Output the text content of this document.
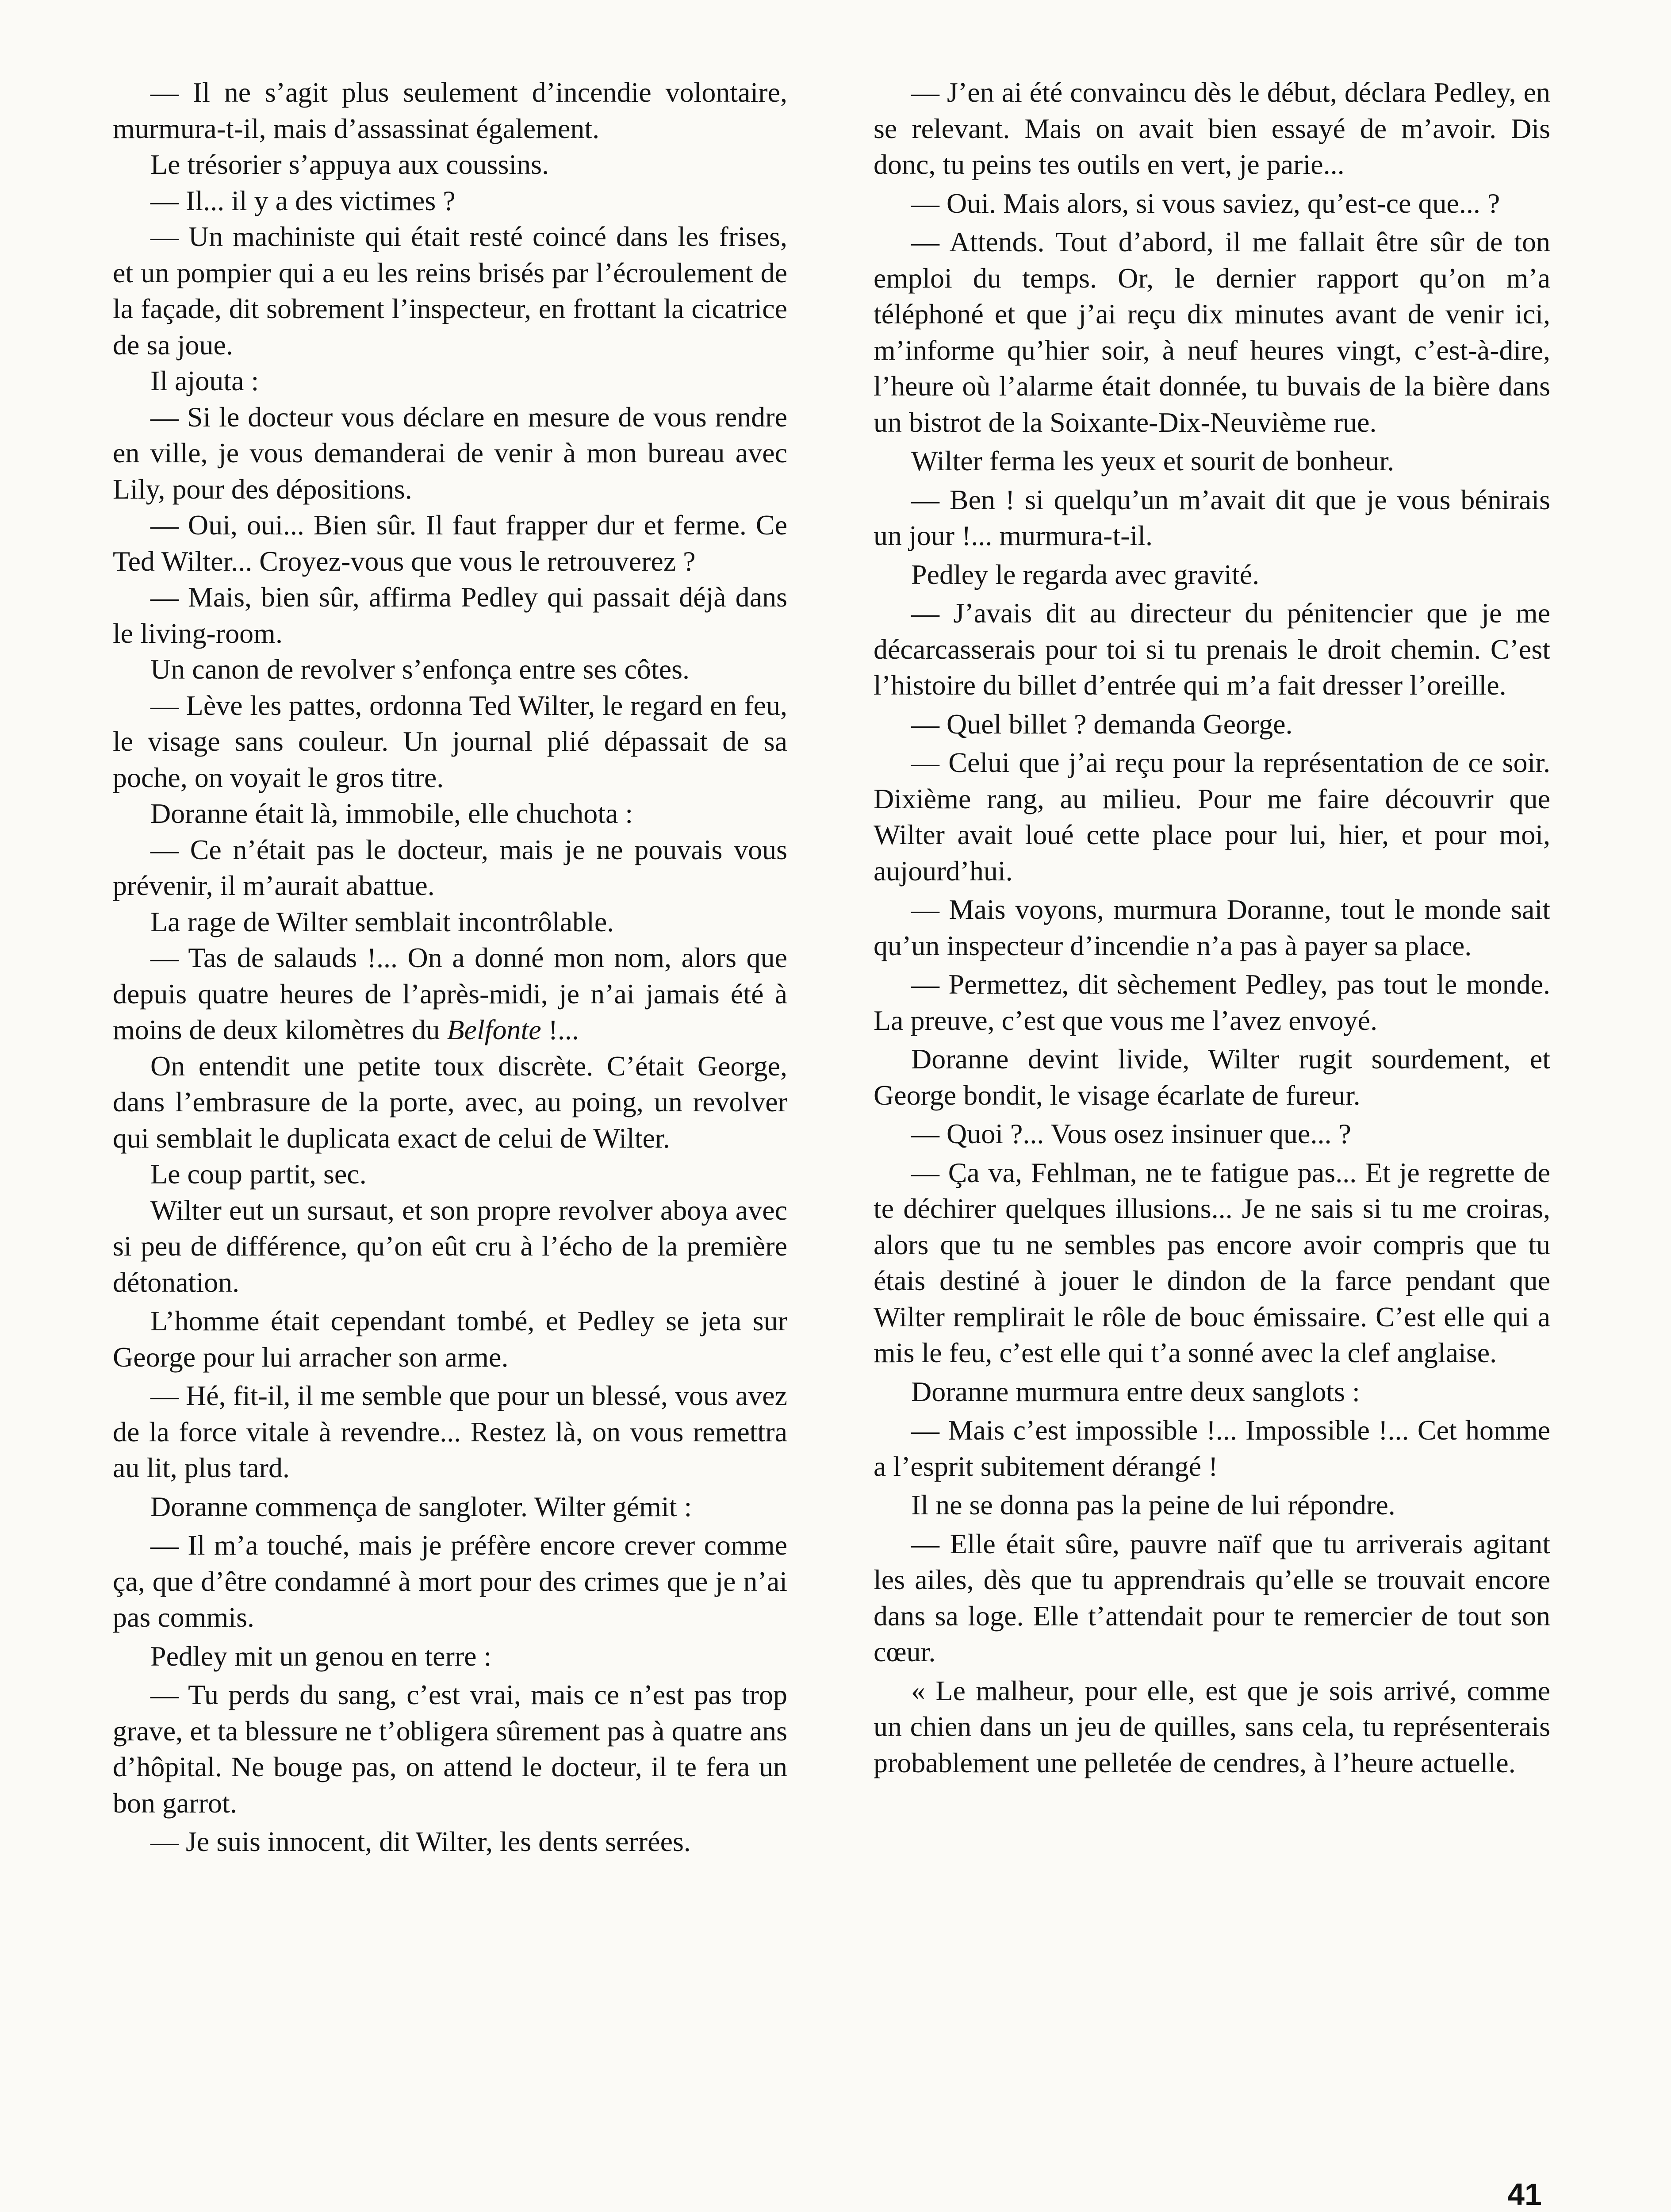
— Il ne s’agit plus seulement d’incendie volontaire, murmura-t-il, mais d’assassinat également.

Le trésorier s’appuya aux coussins.

— Il... il y a des victimes ?

— Un machiniste qui était resté coincé dans les frises, et un pompier qui a eu les reins brisés par l’écroulement de la façade, dit sobrement l’inspecteur, en frottant la cicatrice de sa joue.

Il ajouta :

— Si le docteur vous déclare en mesure de vous rendre en ville, je vous demanderai de venir à mon bureau avec Lily, pour des dépositions.

— Oui, oui... Bien sûr. Il faut frapper dur et ferme. Ce Ted Wilter... Croyez-vous que vous le retrouverez ?

— Mais, bien sûr, affirma Pedley qui passait déjà dans le living-room.

Un canon de revolver s’enfonça entre ses côtes.

— Lève les pattes, ordonna Ted Wilter, le regard en feu, le visage sans couleur. Un journal plié dépassait de sa poche, on voyait le gros titre.

Doranne était là, immobile, elle chuchota :

— Ce n’était pas le docteur, mais je ne pouvais vous prévenir, il m’aurait abattue.

La rage de Wilter semblait incontrôlable.

— Tas de salauds !... On a donné mon nom, alors que depuis quatre heures de l’après-midi, je n’ai jamais été à moins de deux kilomètres du Belfonte !...

On entendit une petite toux discrète. C’était George, dans l’embrasure de la porte, avec, au poing, un revolver qui semblait le duplicata exact de celui de Wilter.

Le coup partit, sec.

Wilter eut un sursaut, et son propre revolver aboya avec si peu de différence, qu’on eût cru à l’écho de la première détonation.

L’homme était cependant tombé, et Pedley se jeta sur George pour lui arracher son arme.

— Hé, fit-il, il me semble que pour un blessé, vous avez de la force vitale à revendre... Restez là, on vous remettra au lit, plus tard.

Doranne commença de sangloter. Wilter gémit :

— Il m’a touché, mais je préfère encore crever comme ça, que d’être condamné à mort pour des crimes que je n’ai pas commis.

Pedley mit un genou en terre :

— Tu perds du sang, c’est vrai, mais ce n’est pas trop grave, et ta blessure ne t’obligera sûrement pas à quatre ans d’hôpital. Ne bouge pas, on attend le docteur, il te fera un bon garrot.

— Je suis innocent, dit Wilter, les dents serrées.

— J’en ai été convaincu dès le début, déclara Pedley, en se relevant. Mais on avait bien essayé de m’avoir. Dis donc, tu peins tes outils en vert, je parie...

— Oui. Mais alors, si vous saviez, qu’est-ce que... ?

— Attends. Tout d’abord, il me fallait être sûr de ton emploi du temps. Or, le dernier rapport qu’on m’a téléphoné et que j’ai reçu dix minutes avant de venir ici, m’informe qu’hier soir, à neuf heures vingt, c’est-à-dire, l’heure où l’alarme était donnée, tu buvais de la bière dans un bistrot de la Soixante-Dix-Neuvième rue.

Wilter ferma les yeux et sourit de bonheur.

— Ben ! si quelqu’un m’avait dit que je vous bénirais un jour !... murmura-t-il.

Pedley le regarda avec gravité.

— J’avais dit au directeur du pénitencier que je me décarcasserais pour toi si tu prenais le droit chemin. C’est l’histoire du billet d’entrée qui m’a fait dresser l’oreille.

— Quel billet ? demanda George.

— Celui que j’ai reçu pour la représentation de ce soir. Dixième rang, au milieu. Pour me faire découvrir que Wilter avait loué cette place pour lui, hier, et pour moi, aujourd’hui.

— Mais voyons, murmura Doranne, tout le monde sait qu’un inspecteur d’incendie n’a pas à payer sa place.

— Permettez, dit sèchement Pedley, pas tout le monde. La preuve, c’est que vous me l’avez envoyé.

Doranne devint livide, Wilter rugit sourdement, et George bondit, le visage écarlate de fureur.

— Quoi ?... Vous osez insinuer que... ?

— Ça va, Fehlman, ne te fatigue pas... Et je regrette de te déchirer quelques illusions... Je ne sais si tu me croiras, alors que tu ne sembles pas encore avoir compris que tu étais destiné à jouer le dindon de la farce pendant que Wilter remplirait le rôle de bouc émissaire. C’est elle qui a mis le feu, c’est elle qui t’a sonné avec la clef anglaise.

Doranne murmura entre deux sanglots :

— Mais c’est impossible !... Impossible !... Cet homme a l’esprit subitement dérangé !

Il ne se donna pas la peine de lui répondre.

— Elle était sûre, pauvre naïf que tu arriverais agitant les ailes, dès que tu apprendrais qu’elle se trouvait encore dans sa loge. Elle t’attendait pour te remercier de tout son cœur.

« Le malheur, pour elle, est que je sois arrivé, comme un chien dans un jeu de quilles, sans cela, tu représenterais probablement une pelletée de cendres, à l’heure actuelle.

41
